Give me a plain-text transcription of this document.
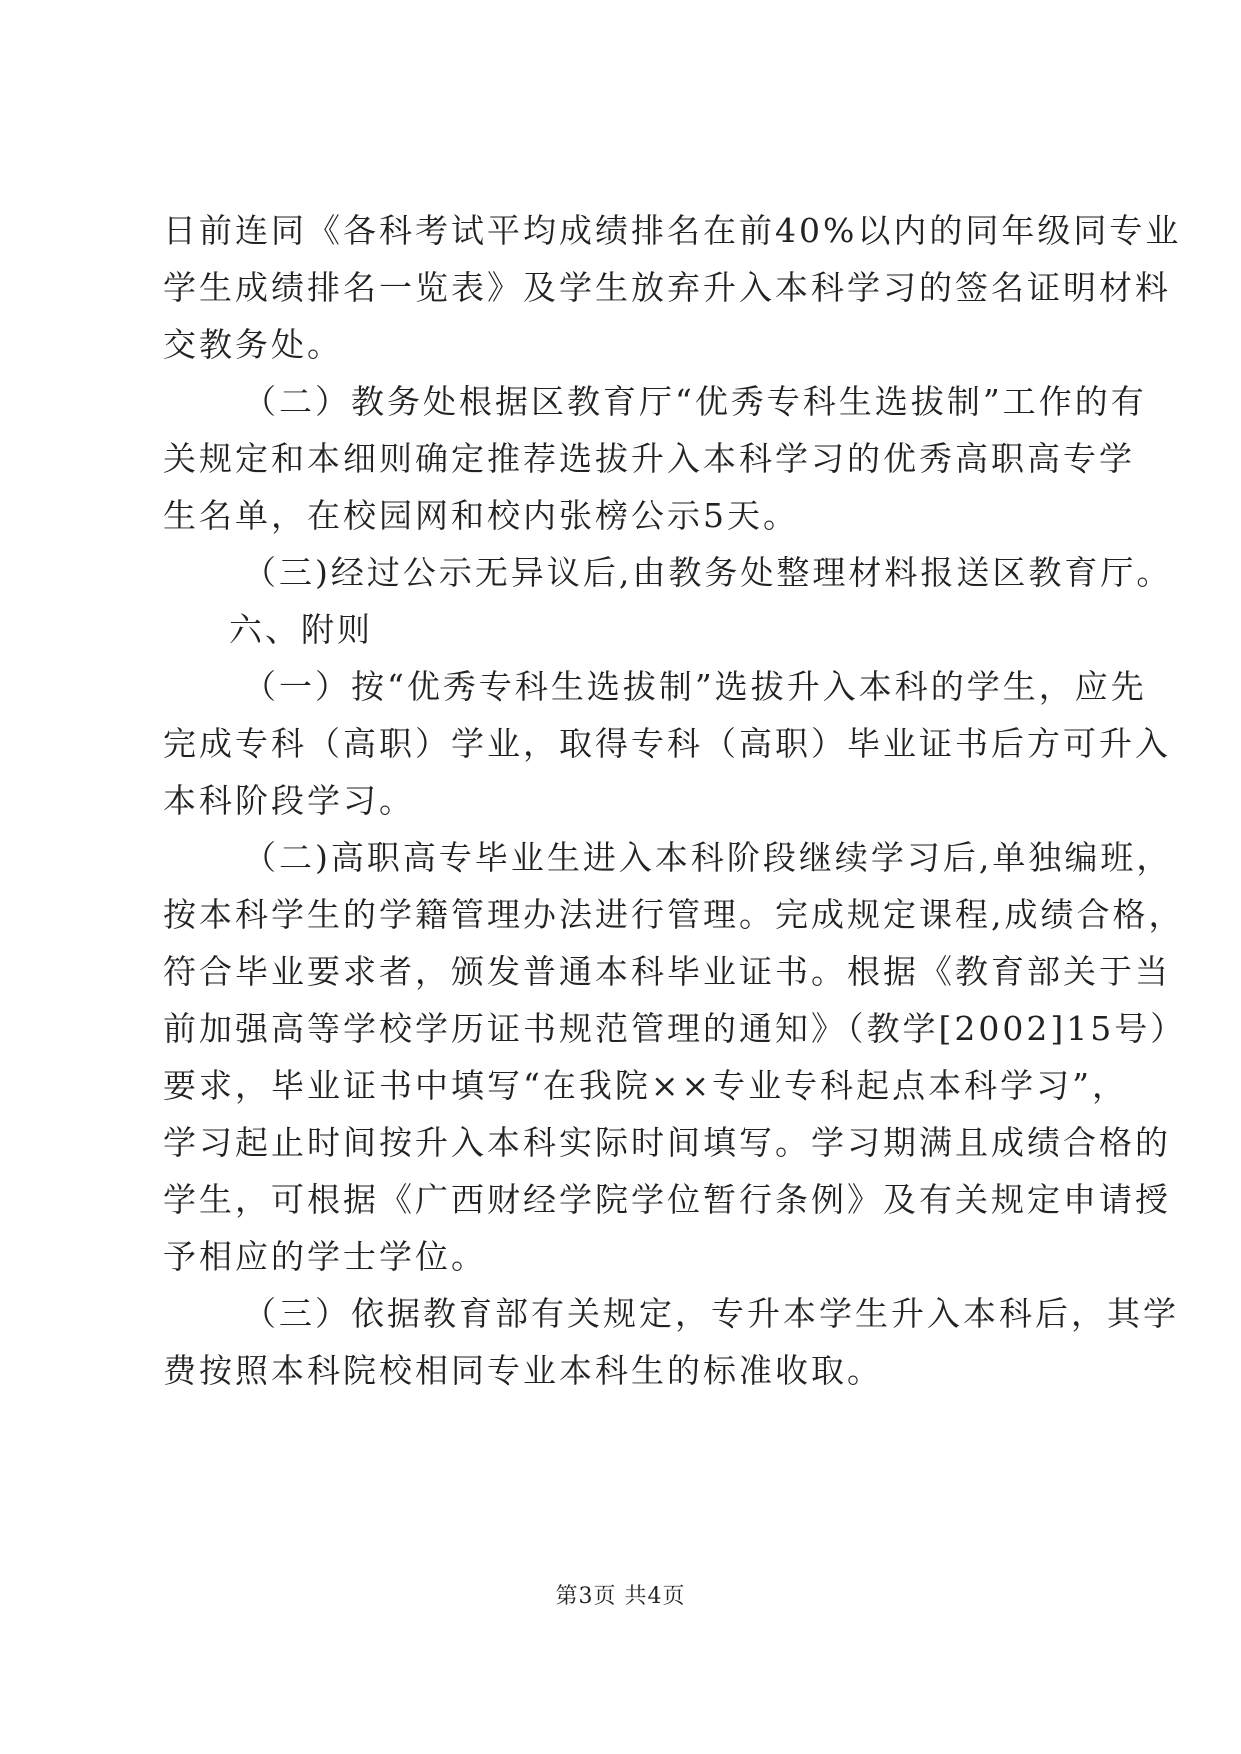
日前连同《各科考试平均成绩排名在前40%以内的同年级同专业
学生成绩排名一览表》及学生放弃升入本科学习的签名证明材料
交教务处。
（二）教务处根据区教育厅“优秀专科生选拔制”工作的有
关规定和本细则确定推荐选拔升入本科学习的优秀高职高专学
生名单，在校园网和校内张榜公示5天。
（三)经过公示无异议后,由教务处整理材料报送区教育厅。
六、附则
（一）按“优秀专科生选拔制”选拔升入本科的学生，应先
完成专科（高职）学业，取得专科（高职）毕业证书后方可升入
本科阶段学习。
（二)高职高专毕业生进入本科阶段继续学习后,单独编班，
按本科学生的学籍管理办法进行管理。完成规定课程,成绩合格，
符合毕业要求者，颁发普通本科毕业证书。根据《教育部关于当
前加强高等学校学历证书规范管理的通知》（教学[2002]15号）
要求，毕业证书中填写“在我院××专业专科起点本科学习”，
学习起止时间按升入本科实际时间填写。学习期满且成绩合格的
学生，可根据《广西财经学院学位暂行条例》及有关规定申请授
予相应的学士学位。
（三）依据教育部有关规定，专升本学生升入本科后，其学
费按照本科院校相同专业本科生的标准收取。
第3页 共4页
